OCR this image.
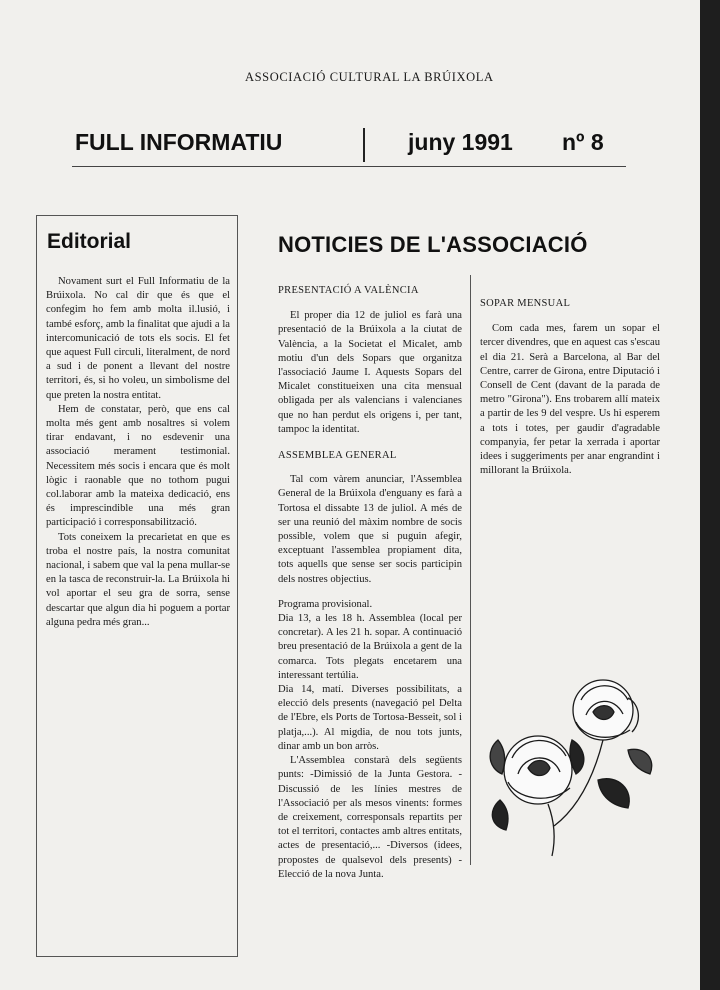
ASSOCIACIÓ CULTURAL LA BRÚIXOLA
FULL INFORMATIU	juny 1991 nº 8
Editorial

Novament surt el Full Informatiu de la Brúixola. No cal dir que és que el confegim ho fem amb molta il.lusió, i també esforç, amb la finalitat que ajudi a la intercomunicació de tots els socis. El fet que aquest Full circuli, literalment, de nord a sud i de ponent a llevant del nostre territori, és, si ho voleu, un simbolisme del que preten la nostra entitat.

Hem de constatar, però, que ens cal molta més gent amb nosaltres si volem tirar endavant, i no esdevenir una associació merament testimonial. Necessitem més socis i encara que és molt lògic i raonable que no tothom pugui col.laborar amb la mateixa dedicació, ens és imprescindible una més gran participació i corresponsabilització.

Tots coneixem la precarietat en que es troba el nostre país, la nostra comunitat nacional, i sabem que val la pena mullar-se en la tasca de reconstruir-la. La Brúixola hi vol aportar el seu gra de sorra, sense descartar que algun dia hi poguem a portar alguna pedra més gran...

NOTICIES DE L'ASSOCIACIÓ

PRESENTACIÓ A VALÈNCIA

El proper dia 12 de juliol es farà una presentació de la Brúixola a la ciutat de València, a la Societat el Micalet, amb motiu d'un dels Sopars que organitza l'associació Jaume I. Aquests Sopars del Micalet constitueixen una cita mensual obligada per als valencians i valencianes que no han perdut els origens i, per tant, tampoc la identitat.

ASSEMBLEA GENERAL

Tal com vàrem anunciar, l'Assemblea General de la Brúixola d'enguany es farà a Tortosa el dissabte 13 de juliol. A més de ser una reunió del màxim nombre de socis possible, volem que si puguin afegir, exceptuant l'assemblea propiament dita, tots aquells que sense ser socis participin dels nostres objectius.

Programa provisional.

Dia 13, a les 18 h. Assemblea (local per concretar). A les 21 h. sopar. A continuació breu presentació de la Brúixola a gent de la comarca. Tots plegats encetarem una interessant tertúlia.

Dia 14, matí. Diverses possibilitats, a elecció dels presents (navegació pel Delta de l'Ebre, els Ports de Tortosa-Besseit, sol i platja,...). Al migdia, de nou tots junts, dinar amb un bon arròs.

L'Assemblea constarà dels següents punts: -Dimissió de la Junta Gestora. -Discussió de les línies mestres de l'Associació per als mesos vinents: formes de creixement, corresponsals repartits per tot el territori, contactes amb altres entitats, actes de presentació,... -Diversos (idees, propostes de qualsevol dels presents) -Elecció de la nova Junta.

SOPAR MENSUAL

Com cada mes, farem un sopar el tercer divendres, que en aquest cas s'escau el dia 21. Serà a Barcelona, al Bar del Centre, carrer de Girona, entre Diputació i Consell de Cent (davant de la parada de metro "Girona"). Ens trobarem allí mateix a partir de les 9 del vespre. Us hi esperem a tots i totes, per gaudir d'agradable companyia, fer petar la xerrada i aportar idees i suggeriments per anar engrandint i millorant la Brúixola.
